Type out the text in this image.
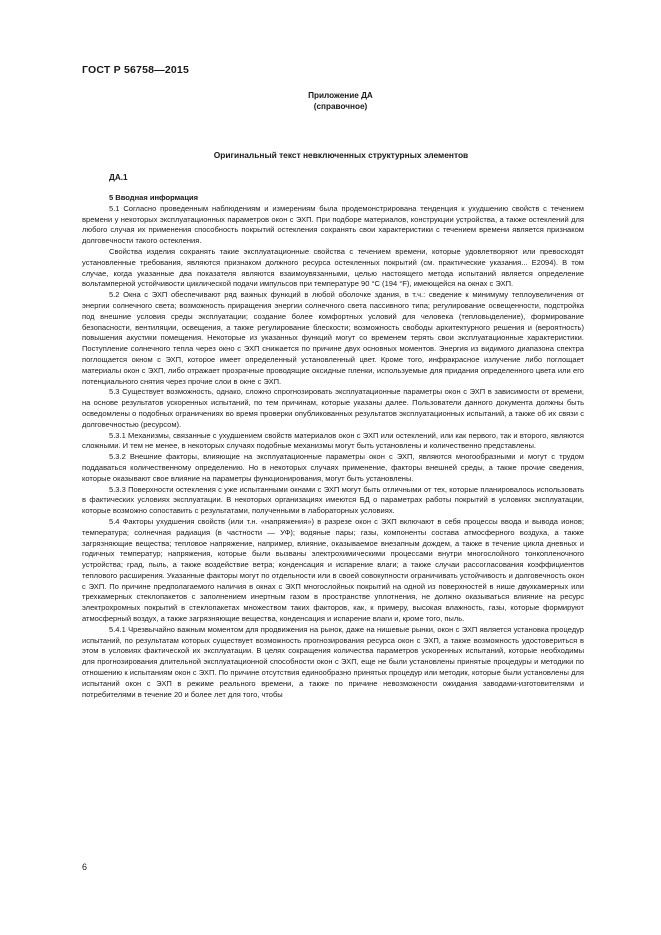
ГОСТ Р 56758—2015
Приложение ДА
(справочное)
Оригинальный текст невключенных структурных элементов
ДА.1

5 Вводная информация

5.1 Согласно проведенным наблюдениям и измерениям была продемонстрирована тенденция к ухудшению свойств с течением времени у некоторых эксплуатационных параметров окон с ЭХП. При подборе материалов, конструкции устройства, а также остеклений для любого случая их применения способность покрытий остекления сохранять свои характеристики с течением времени является признаком долговечности такого остекления.

Свойства изделия сохранять такие эксплуатационные свойства с течением времени, которые удовлетворяют или превосходят установленные требования, являются признаком должного ресурса остекленных покрытий (см. практические указания... Е2094). В том случае, когда указанные два показателя являются взаимоувязанными, целью настоящего метода испытаний является определение вольтамперной устойчивости циклической подачи импульсов при температуре 90 °С (194 °F), имеющейся на окнах с ЭХП.

5.2 Окна с ЭХП обеспечивают ряд важных функций в любой оболочке здания, в т.ч.: сведение к минимуму теплоувеличения от энергии солнечного света; возможность приращения энергии солнечного света пассивного типа; регулирование освещенности, подстройка под внешние условия среды эксплуатации; создание более комфортных условий для человека (тепловыделение), формирование безопасности, вентиляции, освещения, а также регулирование блескости; возможность свободы архитектурного решения и (вероятность) повышения акустики помещения. Некоторые из указанных функций могут со временем терять свои эксплуатационные характеристики. Поступление солнечного тепла через окно с ЭХП снижается по причине двух основных моментов. Энергия из видимого диапазона спектра поглощается окном с ЭХП, которое имеет определенный установленный цвет. Кроме того, инфракрасное излучение либо поглощает материалы окон с ЭХП, либо отражает прозрачные проводящие оксидные пленки, используемые для придания определенного цвета или его потенциального снятия через прочие слои в окне с ЭХП.

5.3 Существует возможность, однако, сложно спрогнозировать эксплуатационные параметры окон с ЭХП в зависимости от времени, на основе результатов ускоренных испытаний, по тем причинам, которые указаны далее. Пользователи данного документа должны быть осведомлены о подобных ограничениях во время проверки опубликованных результатов эксплуатационных испытаний, а также об их связи с долговечностью (ресурсом).

5.3.1 Механизмы, связанные с ухудшением свойств материалов окон с ЭХП или остеклений, или как первого, так и второго, являются сложными. И тем не менее, в некоторых случаях подобные механизмы могут быть установлены и количественно представлены.

5.3.2 Внешние факторы, влияющие на эксплуатационные параметры окон с ЭХП, являются многообразными и могут с трудом поддаваться количественному определению. Но в некоторых случаях применение, факторы внешней среды, а также прочие сведения, которые оказывают свое влияние на параметры функционирования, могут быть установлены.

5.3.3 Поверхности остекления с уже испытанными окнами с ЭХП могут быть отличными от тех, которые планировалось использовать в фактических условиях эксплуатации. В некоторых организациях имеются БД о параметрах работы покрытий в условиях эксплуатации, которые возможно сопоставить с результатами, полученными в лабораторных условиях.

5.4 Факторы ухудшения свойств (или т.н. «напряжения») в разрезе окон с ЭХП включают в себя процессы ввода и вывода ионов; температура; солнечная радиация (в частности — УФ); водяные пары; газы, компоненты состава атмосферного воздуха, а также загрязняющие вещества; тепловое напряжение, например, влияние, оказываемое внезапным дождем, а также в течение цикла дневных и годичных температур; напряжения, которые были вызваны электрохимическими процессами внутри многослойного тонкопленочного устройства; град, пыль, а также воздействие ветра; конденсация и испарение влаги; а также случаи рассогласования коэффициентов теплового расширения. Указанные факторы могут по отдельности или в своей совокупности ограничивать устойчивость и долговечность окон с ЭХП. По причине предполагаемого наличия в окнах с ЭХП многослойных покрытий на одной из поверхностей в нише двухкамерных или трехкамерных стеклопакетов с заполнением инертным газом в пространстве уплотнения, не должно оказываться влияние на ресурс электрохромных покрытий в стеклопакетах множеством таких факторов, как, к примеру, высокая влажность, газы, которые формируют атмосферный воздух, а также загрязняющие вещества, конденсация и испарение влаги и, кроме того, пыль.

5.4.1 Чрезвычайно важным моментом для продвижения на рынок, даже на нишевые рынки, окон с ЭХП является установка процедур испытаний, по результатам которых существует возможность прогнозирования ресурса окон с ЭХП, а также возможность удостовериться в этом в условиях фактической их эксплуатации. В целях сокращения количества параметров ускоренных испытаний, которые необходимы для прогнозирования длительной эксплуатационной способности окон с ЭХП, еще не были установлены принятые процедуры и методики по отношению к испытаниям окон с ЭХП. По причине отсутствия единообразно принятых процедур или методик, которые были установлены для испытаний окон с ЭХП в режиме реального времени, а также по причине невозможности ожидания заводами-изготовителями и потребителями в течение 20 и более лет для того, чтобы

6
